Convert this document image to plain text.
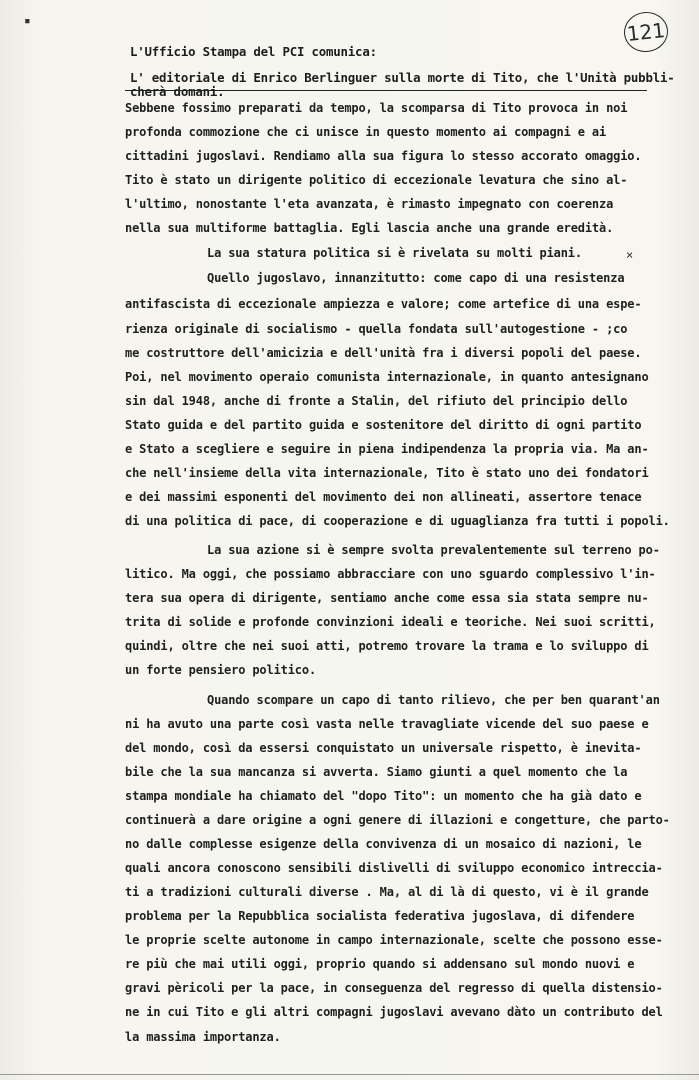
▪	121
L'Ufficio Stampa del PCI comunica:
L' editoriale di Enrico Berlinguer sulla morte di Tito, che l'Unità pubbli-
cherà domani.
×
Sebbene fossimo preparati da tempo, la scomparsa di Tito provoca in noi
profonda commozione che ci unisce in questo momento ai compagni e ai
cittadini jugoslavi. Rendiamo alla sua figura lo stesso accorato omaggio.
Tito è stato un dirigente politico di eccezionale levatura che sino al-
l'ultimo, nonostante l'eta avanzata, è rimasto impegnato con coerenza
nella sua multiforme battaglia. Egli lascia anche una grande eredità.
La sua statura politica si è rivelata su molti piani.
Quello jugoslavo, innanzitutto: come capo di una resistenza
antifascista di eccezionale ampiezza e valore; come artefice di una espe-
rienza originale di socialismo - quella fondata sull'autogestione - ;co
me costruttore dell'amicizia e dell'unità fra i diversi popoli del paese.
Poi, nel movimento operaio comunista internazionale, in quanto antesignano
sin dal 1948, anche di fronte a Stalin, del rifiuto del principio dello
Stato guida e del partito guida e sostenitore del diritto di ogni partito
e Stato a scegliere e seguire in piena indipendenza la propria via. Ma an-
che nell'insieme della vita internazionale, Tito è stato uno dei fondatori
e dei massimi esponenti del movimento dei non allineati, assertore tenace
di una politica di pace, di cooperazione e di uguaglianza fra tutti i popoli.
La sua azione si è sempre svolta prevalentemente sul terreno po-
litico. Ma oggi, che possiamo abbracciare con uno sguardo complessivo l'in-
tera sua opera di dirigente, sentiamo anche come essa sia stata sempre nu-
trita di solide e profonde convinzioni ideali e teoriche. Nei suoi scritti,
quindi, oltre che nei suoi atti, potremo trovare la trama e lo sviluppo di
un forte pensiero politico.
Quando scompare un capo di tanto rilievo, che per ben quarant'an
ni ha avuto una parte così vasta nelle travagliate vicende del suo paese e
del mondo, così da essersi conquistato un universale rispetto, è inevita-
bile che la sua mancanza si avverta. Siamo giunti a quel momento che la
stampa mondiale ha chiamato del "dopo Tito": un momento che ha già dato e
continuerà a dare origine a ogni genere di illazioni e congetture, che parto-
no dalle complesse esigenze della convivenza di un mosaico di nazioni, le
quali ancora conoscono sensibili dislivelli di sviluppo economico intreccia-
ti a tradizioni culturali diverse . Ma, al di là di questo, vi è il grande
problema per la Repubblica socialista federativa jugoslava, di difendere
le proprie scelte autonome in campo internazionale, scelte che possono esse-
re più che mai utili oggi, proprio quando si addensano sul mondo nuovi e
gravi pèricoli per la pace, in conseguenza del regresso di quella distensio-
ne in cui Tito e gli altri compagni jugoslavi avevano dàto un contributo del
la massima importanza.
